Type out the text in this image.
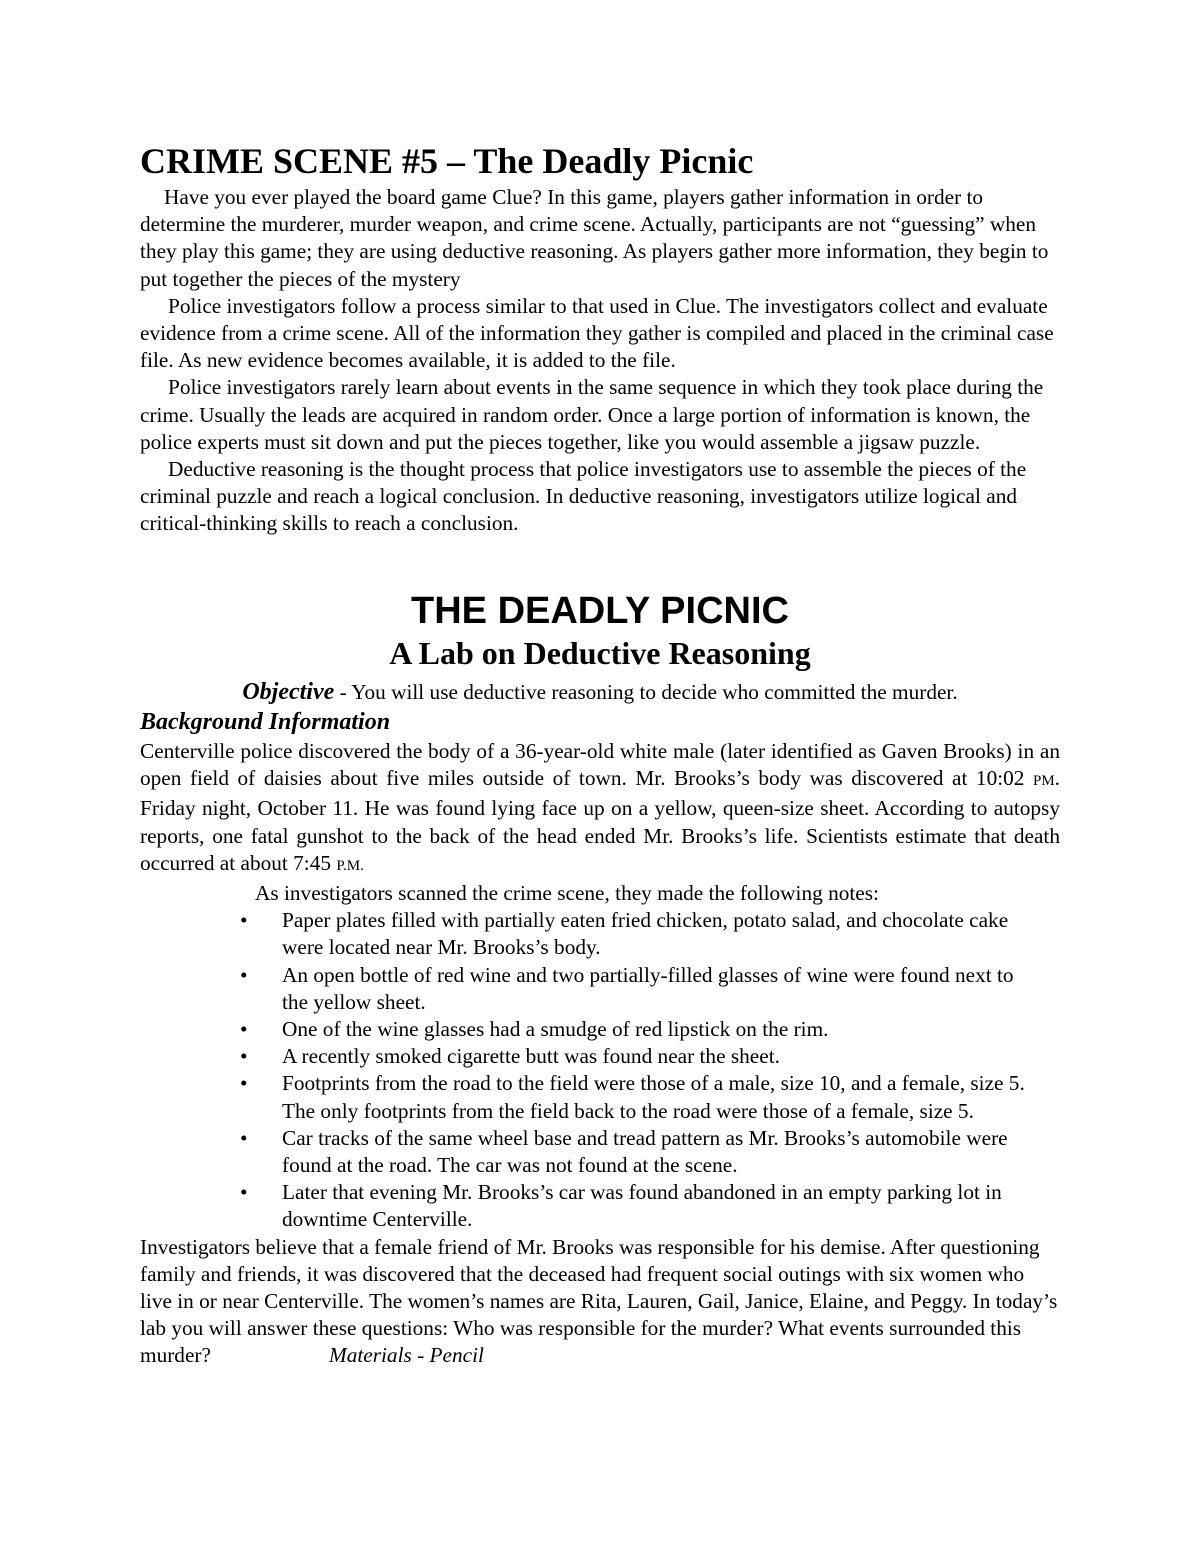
CRIME SCENE #5 – The Deadly Picnic

Have you ever played the board game Clue? In this game, players gather information in order to determine the murderer, murder weapon, and crime scene. Actually, participants are not “guessing” when they play this game; they are using deductive reasoning. As players gather more information, they begin to put together the pieces of the mystery

Police investigators follow a process similar to that used in Clue. The investigators collect and evaluate evidence from a crime scene. All of the information they gather is compiled and placed in the criminal case file. As new evidence becomes available, it is added to the file.

Police investigators rarely learn about events in the same sequence in which they took place during the crime. Usually the leads are acquired in random order. Once a large portion of information is known, the police experts must sit down and put the pieces together, like you would assemble a jigsaw puzzle.

Deductive reasoning is the thought process that police investigators use to assemble the pieces of the criminal puzzle and reach a logical conclusion. In deductive reasoning, investigators utilize logical and critical-thinking skills to reach a conclusion.

THE DEADLY PICNIC
A Lab on Deductive Reasoning
Objective - You will use deductive reasoning to decide who committed the murder.
Background Information
Centerville police discovered the body of a 36-year-old white male (later identified as Gaven Brooks) in an open field of daisies about five miles outside of town. Mr. Brooks’s body was discovered at 10:02 PM. Friday night, October 11. He was found lying face up on a yellow, queen-size sheet. According to autopsy reports, one fatal gunshot to the back of the head ended Mr. Brooks’s life. Scientists estimate that death occurred at about 7:45 P.M.
As investigators scanned the crime scene, they made the following notes:
• Paper plates filled with partially eaten fried chicken, potato salad, and chocolate cake were located near Mr. Brooks’s body.
• An open bottle of red wine and two partially-filled glasses of wine were found next to the yellow sheet.
• One of the wine glasses had a smudge of red lipstick on the rim.
• A recently smoked cigarette butt was found near the sheet.
• Footprints from the road to the field were those of a male, size 10, and a female, size 5. The only footprints from the field back to the road were those of a female, size 5.
• Car tracks of the same wheel base and tread pattern as Mr. Brooks’s automobile were found at the road. The car was not found at the scene.
• Later that evening Mr. Brooks’s car was found abandoned in an empty parking lot in downtime Centerville.
Investigators believe that a female friend of Mr. Brooks was responsible for his demise. After questioning family and friends, it was discovered that the deceased had frequent social outings with six women who live in or near Centerville. The women’s names are Rita, Lauren, Gail, Janice, Elaine, and Peggy. In today’s lab you will answer these questions: Who was responsible for the murder? What events surrounded this murder?	Materials - Pencil
